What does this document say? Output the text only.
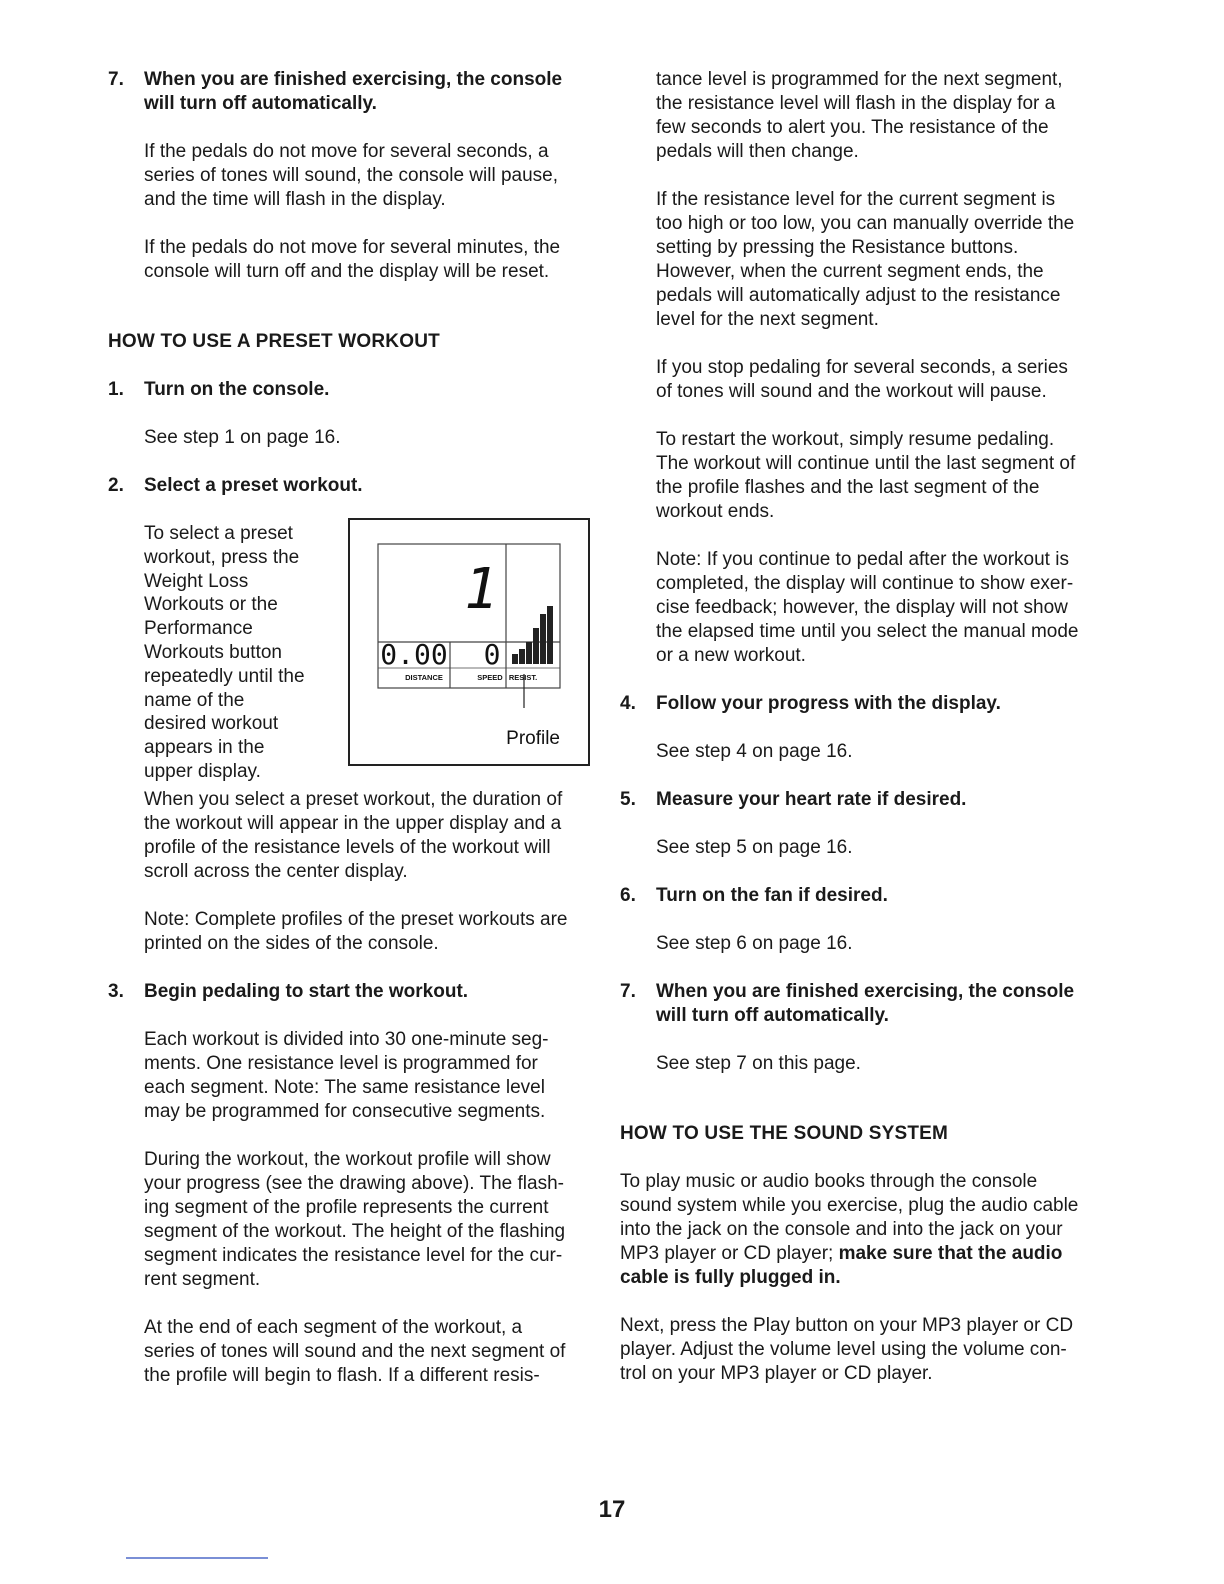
7. When you are finished exercising, the console
will turn off automatically.

If the pedals do not move for several seconds, a
series of tones will sound, the console will pause,
and the time will flash in the display.

If the pedals do not move for several minutes, the
console will turn off and the display will be reset.

HOW TO USE A PRESET WORKOUT

1. Turn on the console.

See step 1 on page 16.

2. Select a preset workout.
To select a preset
workout, press the
Weight Loss
Workouts or the
Performance
Workouts button
repeatedly until the
name of the
desired workout
appears in the
upper display.
1
0.00 0
DISTANCE	SPEED RESIST.
Profile

When you select a preset workout, the duration of
the workout will appear in the upper display and a
profile of the resistance levels of the workout will
scroll across the center display.

Note: Complete profiles of the preset workouts are
printed on the sides of the console.

3. Begin pedaling to start the workout.

Each workout is divided into 30 one-minute seg-
ments. One resistance level is programmed for
each segment. Note: The same resistance level
may be programmed for consecutive segments.

During the workout, the workout profile will show
your progress (see the drawing above). The flash-
ing segment of the profile represents the current
segment of the workout. The height of the flashing
segment indicates the resistance level for the cur-
rent segment.

At the end of each segment of the workout, a
series of tones will sound and the next segment of
the profile will begin to flash. If a different resis-

tance level is programmed for the next segment,
the resistance level will flash in the display for a
few seconds to alert you. The resistance of the
pedals will then change.

If the resistance level for the current segment is
too high or too low, you can manually override the
setting by pressing the Resistance buttons.
However, when the current segment ends, the
pedals will automatically adjust to the resistance
level for the next segment.

If you stop pedaling for several seconds, a series
of tones will sound and the workout will pause.

To restart the workout, simply resume pedaling.
The workout will continue until the last segment of
the profile flashes and the last segment of the
workout ends.

Note: If you continue to pedal after the workout is
completed, the display will continue to show exer-
cise feedback; however, the display will not show
the elapsed time until you select the manual mode
or a new workout.

4. Follow your progress with the display.

See step 4 on page 16.

5. Measure your heart rate if desired.

See step 5 on page 16.

6. Turn on the fan if desired.

See step 6 on page 16.

7. When you are finished exercising, the console
will turn off automatically.

See step 7 on this page.

HOW TO USE THE SOUND SYSTEM

To play music or audio books through the console
sound system while you exercise, plug the audio cable
into the jack on the console and into the jack on your
MP3 player or CD player; make sure that the audio
cable is fully plugged in.

Next, press the Play button on your MP3 player or CD
player. Adjust the volume level using the volume con-
trol on your MP3 player or CD player.

17
